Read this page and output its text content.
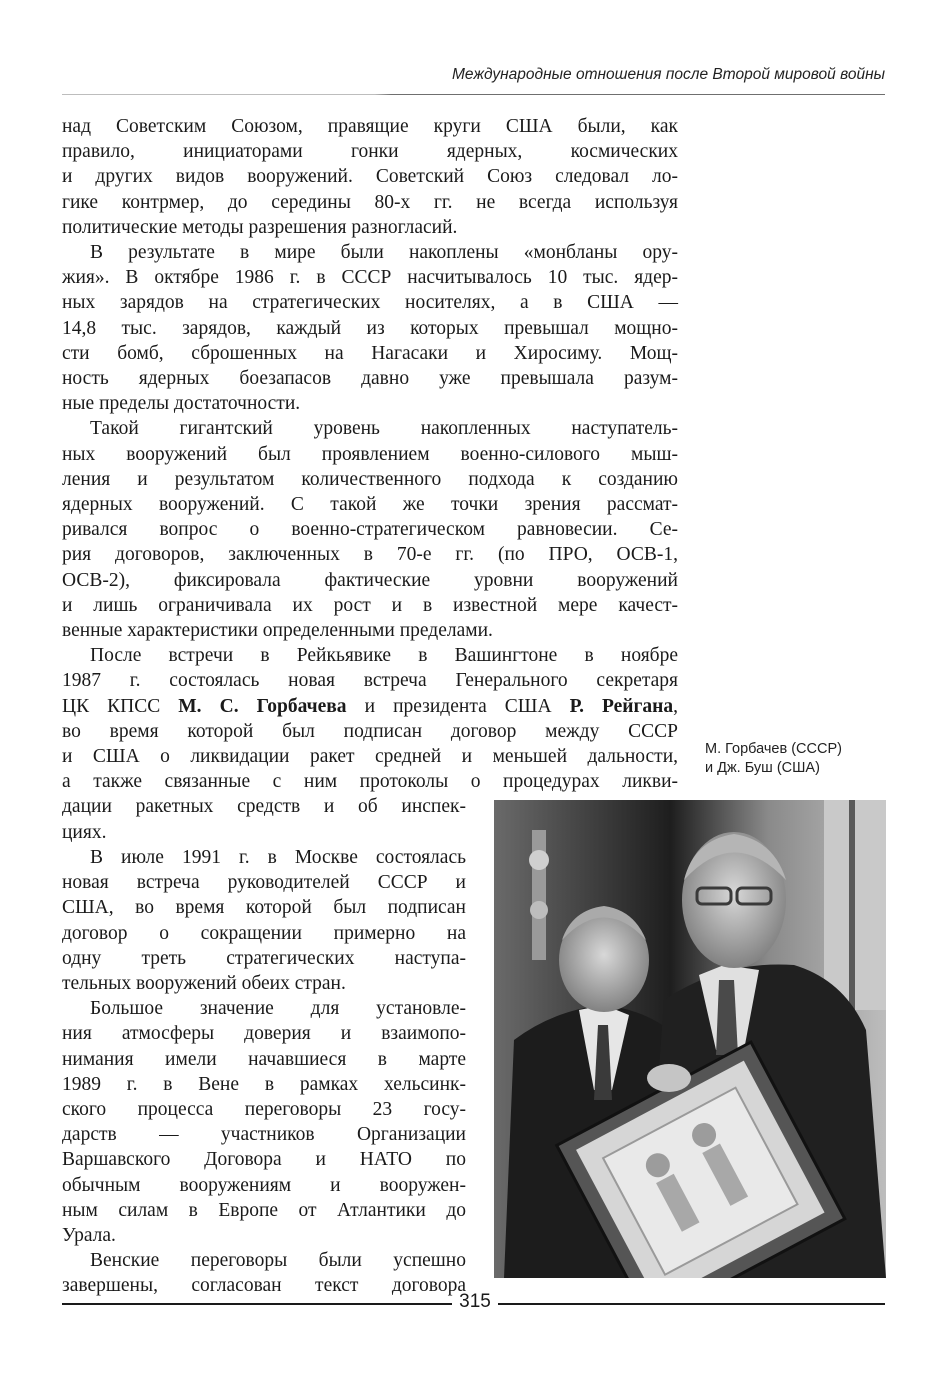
Международные отношения после Второй мировой войны
над Советским Союзом, правящие круги США были, как
правило, инициаторами гонки ядерных, космических
и других видов вооружений. Советский Союз следовал ло-
гике контрмер, до середины 80-х гг. не всегда используя
политические методы разрешения разногласий.
В результате в мире были накоплены «монбланы ору-
жия». В октябре 1986 г. в СССР насчитывалось 10 тыс. ядер-
ных зарядов на стратегических носителях, а в США —
14,8 тыс. зарядов, каждый из которых превышал мощно-
сти бомб, сброшенных на Нагасаки и Хиросиму. Мощ-
ность ядерных боезапасов давно уже превышала разум-
ные пределы достаточности.
Такой гигантский уровень накопленных наступатель-
ных вооружений был проявлением военно-силового мыш-
ления и результатом количественного подхода к созданию
ядерных вооружений. С такой же точки зрения рассмат-
ривался вопрос о военно-стратегическом равновесии. Се-
рия договоров, заключенных в 70-е гг. (по ПРО, ОСВ-1,
ОСВ-2), фиксировала фактические уровни вооружений
и лишь ограничивала их рост и в известной мере качест-
венные характеристики определенными пределами.
После встречи в Рейкьявике в Вашингтоне в ноябре
1987 г. состоялась новая встреча Генерального секретаря
ЦК КПСС М. С. Горбачева и президента США Р. Рейгана,
во время которой был подписан договор между СССР
и США о ликвидации ракет средней и меньшей дальности,
а также связанные с ним протоколы о процедурах ликви-
дации ракетных средств и об инспек-
циях.
В июле 1991 г. в Москве состоялась
новая встреча руководителей СССР и
США, во время которой был подписан
договор о сокращении примерно на
одну треть стратегических наступа-
тельных вооружений обеих стран.
Большое значение для установле-
ния атмосферы доверия и взаимопо-
нимания имели начавшиеся в марте
1989 г. в Вене в рамках хельсинк-
ского процесса переговоры 23 госу-
дарств — участников Организации
Варшавского Договора и НАТО по
обычным вооружениям и вооружен-
ным силам в Европе от Атлантики до
Урала.
Венские переговоры были успешно
завершены, согласован текст договора
М. Горбачев (СССР)
и Дж. Буш (США)
315
